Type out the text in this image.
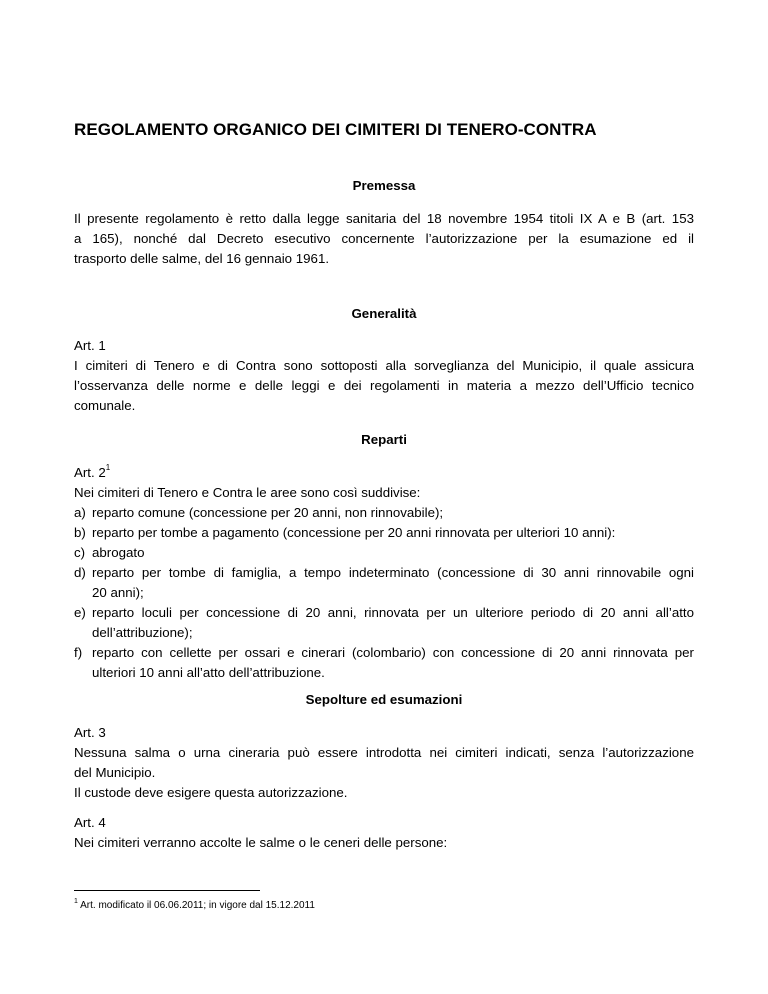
REGOLAMENTO ORGANICO DEI CIMITERI DI TENERO-CONTRA
Premessa
Il presente regolamento è retto dalla legge sanitaria del 18 novembre 1954 titoli IX A e B (art. 153
a 165), nonché dal Decreto esecutivo concernente l’autorizzazione per la esumazione ed il
trasporto delle salme, del 16 gennaio 1961.
Generalità
Art. 1
I cimiteri di Tenero e di Contra sono sottoposti alla sorveglianza del Municipio, il quale assicura
l’osservanza delle norme e delle leggi e dei regolamenti in materia a mezzo dell’Ufficio tecnico
comunale.
Reparti
Art. $2^1$
Nei cimiteri di Tenero e Contra le aree sono così suddivise:
a) reparto comune (concessione per 20 anni, non rinnovabile);
b) reparto per tombe a pagamento (concessione per 20 anni rinnovata per ulteriori 10 anni):
c) abrogato
d) reparto per tombe di famiglia, a tempo indeterminato (concessione di 30 anni rinnovabile ogni
20 anni);
e) reparto loculi per concessione di 20 anni, rinnovata per un ulteriore periodo di 20 anni all’atto
dell’attribuzione);
f) reparto con cellette per ossari e cinerari (colombario) con concessione di 20 anni rinnovata per
ulteriori 10 anni all’atto dell’attribuzione.
Sepolture ed esumazioni
Art. 3
Nessuna salma o urna cineraria può essere introdotta nei cimiteri indicati, senza l’autorizzazione
del Municipio.
Il custode deve esigere questa autorizzazione.
Art. 4
Nei cimiteri verranno accolte le salme o le ceneri delle persone:
$^1$ Art. modificato il 06.06.2011; in vigore dal 15.12.2011
